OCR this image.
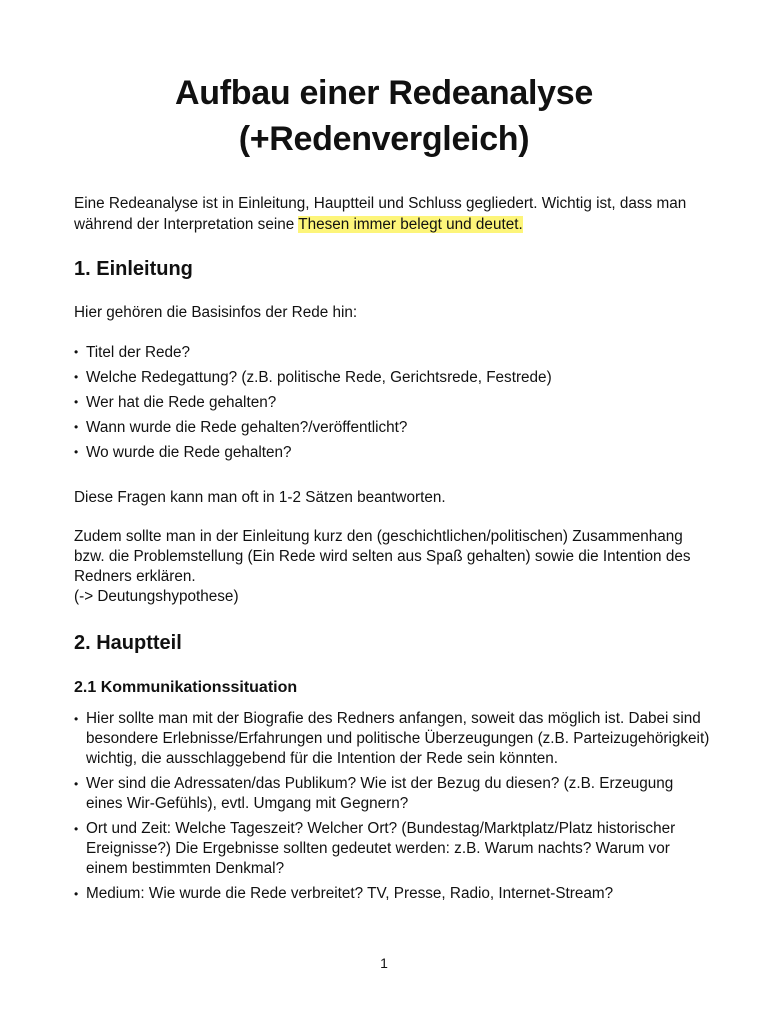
Aufbau einer Redeanalyse
(+Redenvergleich)
Eine Redeanalyse ist in Einleitung, Hauptteil und Schluss gegliedert. Wichtig ist, dass man während der Interpretation seine Thesen immer belegt und deutet.
1. Einleitung
Hier gehören die Basisinfos der Rede hin:
• Titel der Rede?
• Welche Redegattung? (z.B. politische Rede, Gerichtsrede, Festrede)
• Wer hat die Rede gehalten?
• Wann wurde die Rede gehalten?/veröffentlicht?
• Wo wurde die Rede gehalten?
Diese Fragen kann man oft in 1-2 Sätzen beantworten.
Zudem sollte man in der Einleitung kurz den (geschichtlichen/politischen) Zusammenhang bzw. die Problemstellung (Ein Rede wird selten aus Spaß gehalten) sowie die Intention des Redners erklären.
(-> Deutungshypothese)
2. Hauptteil
2.1 Kommunikationssituation
• Hier sollte man mit der Biografie des Redners anfangen, soweit das möglich ist. Dabei sind besondere Erlebnisse/Erfahrungen und politische Überzeugungen (z.B. Parteizugehörigkeit) wichtig, die ausschlaggebend für die Intention der Rede sein könnten.
• Wer sind die Adressaten/das Publikum? Wie ist der Bezug du diesen? (z.B. Erzeugung eines Wir-Gefühls), evtl. Umgang mit Gegnern?
• Ort und Zeit: Welche Tageszeit? Welcher Ort? (Bundestag/Marktplatz/Platz historischer Ereignisse?) Die Ergebnisse sollten gedeutet werden: z.B. Warum nachts? Warum vor einem bestimmten Denkmal?
• Medium: Wie wurde die Rede verbreitet? TV, Presse, Radio, Internet-Stream?
1
